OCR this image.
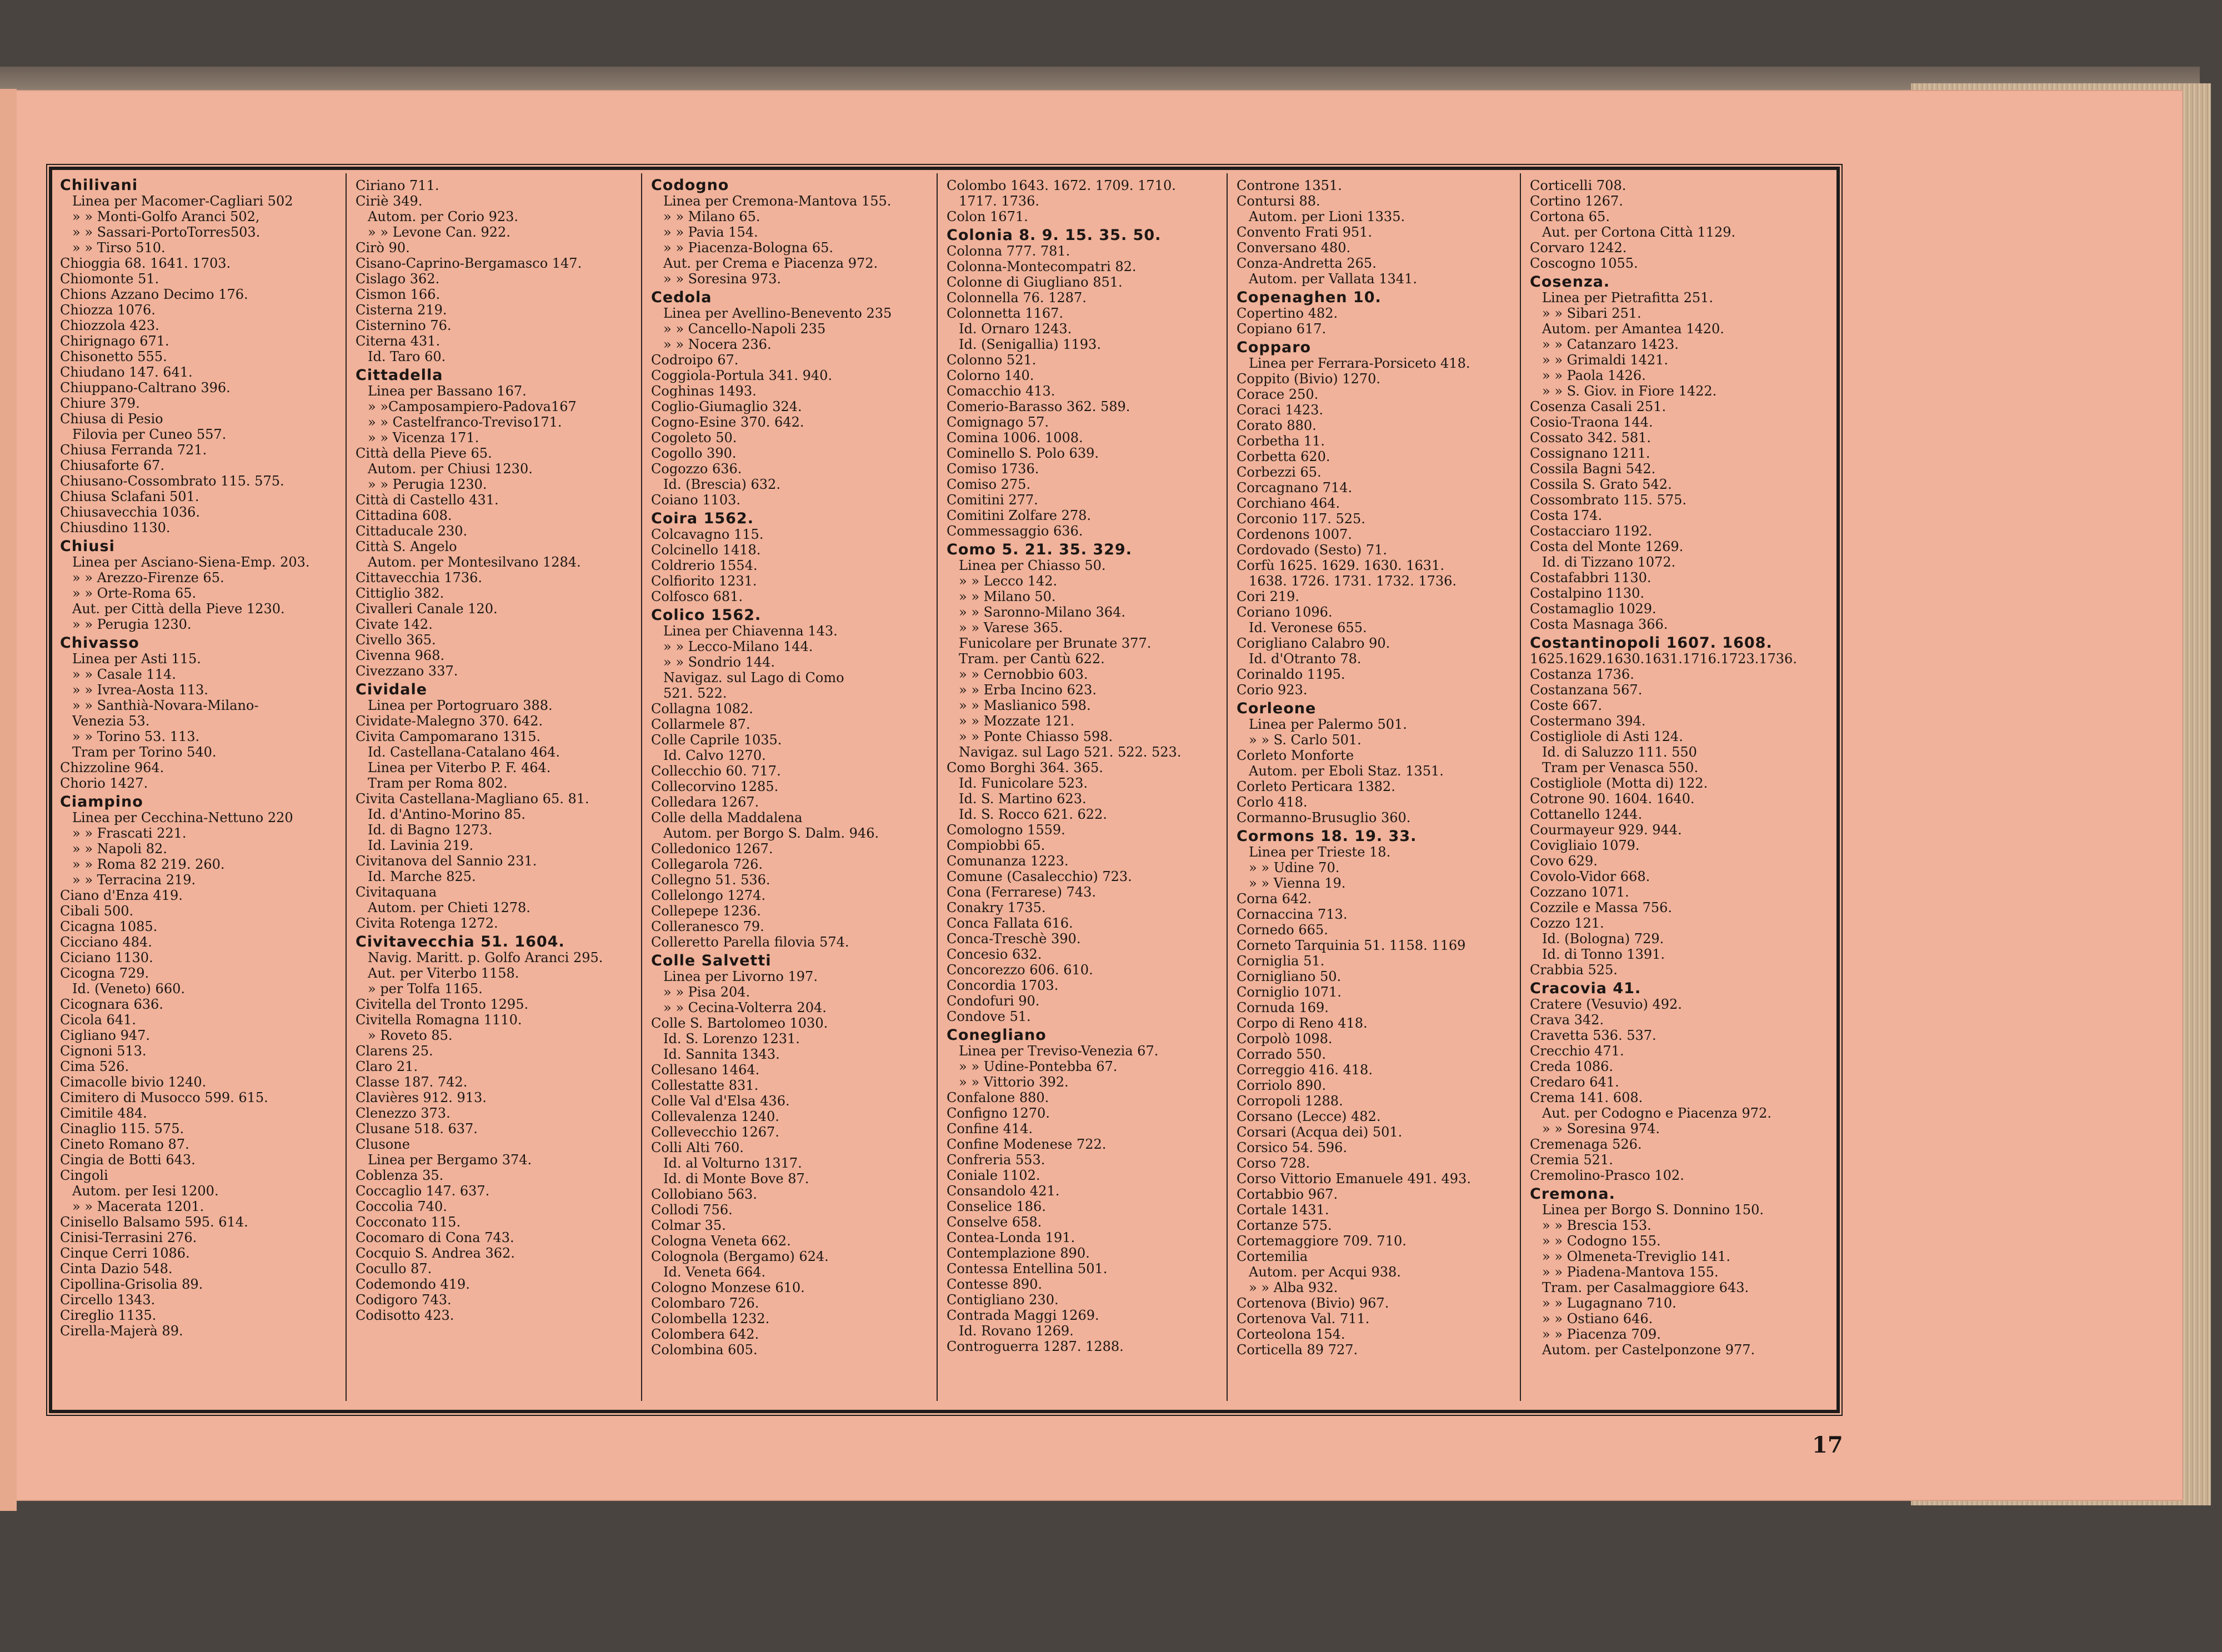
Chilivani
Linea per Macomer-Cagliari 502
» » Monti-Golfo Aranci 502,
» » Sassari-PortoTorres503.
» » Tirso 510.
Chioggia 68. 1641. 1703.
Chiomonte 51.
Chions Azzano Decimo 176.
Chiozza 1076.
Chiozzola 423.
Chirignago 671.
Chisonetto 555.
Chiudano 147. 641.
Chiuppano-Caltrano 396.
Chiure 379.
Chiusa di Pesio
Filovia per Cuneo 557.
Chiusa Ferranda 721.
Chiusaforte 67.
Chiusano-Cossombrato 115. 575.
Chiusa Sclafani 501.
Chiusavecchia 1036.
Chiusdino 1130.
Chiusi
Linea per Asciano-Siena-Emp. 203.
» » Arezzo-Firenze 65.
» » Orte-Roma 65.
Aut. per Città della Pieve 1230.
» » Perugia 1230.
Chivasso
Linea per Asti 115.
» » Casale 114.
» » Ivrea-Aosta 113.
» » Santhià-Novara-Milano-
Venezia 53.
» » Torino 53. 113.
Tram per Torino 540.
Chizzoline 964.
Chorio 1427.
Ciampino
Linea per Cecchina-Nettuno 220
» » Frascati 221.
» » Napoli 82.
» » Roma 82 219. 260.
» » Terracina 219.
Ciano d'Enza 419.
Cibali 500.
Cicagna 1085.
Cicciano 484.
Ciciano 1130.
Cicogna 729.
Id. (Veneto) 660.
Cicognara 636.
Cicola 641.
Cigliano 947.
Cignoni 513.
Cima 526.
Cimacolle bivio 1240.
Cimitero di Musocco 599. 615.
Cimitile 484.
Cinaglio 115. 575.
Cineto Romano 87.
Cingia de Botti 643.
Cingoli
Autom. per Iesi 1200.
» » Macerata 1201.
Cinisello Balsamo 595. 614.
Cinisi-Terrasini 276.
Cinque Cerri 1086.
Cinta Dazio 548.
Cipollina-Grisolia 89.
Circello 1343.
Cireglio 1135.
Cirella-Majerà 89.
Ciriano 711.
Ciriè 349.
Autom. per Corio 923.
» » Levone Can. 922.
Cirò 90.
Cisano-Caprino-Bergamasco 147.
Cislago 362.
Cismon 166.
Cisterna 219.
Cisternino 76.
Citerna 431.
Id. Taro 60.
Cittadella
Linea per Bassano 167.
» »Camposampiero-Padova167
» » Castelfranco-Treviso171.
» » Vicenza 171.
Città della Pieve 65.
Autom. per Chiusi 1230.
» » Perugia 1230.
Città di Castello 431.
Cittadina 608.
Cittaducale 230.
Città S. Angelo
Autom. per Montesilvano 1284.
Cittavecchia 1736.
Cittiglio 382.
Civalleri Canale 120.
Civate 142.
Civello 365.
Civenna 968.
Civezzano 337.
Cividale
Linea per Portogruaro 388.
Cividate-Malegno 370. 642.
Civita Campomarano 1315.
Id. Castellana-Catalano 464.
Linea per Viterbo P. F. 464.
Tram per Roma 802.
Civita Castellana-Magliano 65. 81.
Id. d'Antino-Morino 85.
Id. di Bagno 1273.
Id. Lavinia 219.
Civitanova del Sannio 231.
Id. Marche 825.
Civitaquana
Autom. per Chieti 1278.
Civita Rotenga 1272.
Civitavecchia 51. 1604.
Navig. Maritt. p. Golfo Aranci 295.
Aut. per Viterbo 1158.
» per Tolfa 1165.
Civitella del Tronto 1295.
Civitella Romagna 1110.
» Roveto 85.
Clarens 25.
Claro 21.
Classe 187. 742.
Clavières 912. 913.
Clenezzo 373.
Clusane 518. 637.
Clusone
Linea per Bergamo 374.
Coblenza 35.
Coccaglio 147. 637.
Coccolia 740.
Cocconato 115.
Cocomaro di Cona 743.
Cocquio S. Andrea 362.
Cocullo 87.
Codemondo 419.
Codigoro 743.
Codisotto 423.
Codogno
Linea per Cremona-Mantova 155.
» » Milano 65.
» » Pavia 154.
» » Piacenza-Bologna 65.
Aut. per Crema e Piacenza 972.
» » Soresina 973.
Cedola
Linea per Avellino-Benevento 235
» » Cancello-Napoli 235
» » Nocera 236.
Codroipo 67.
Coggiola-Portula 341. 940.
Coghinas 1493.
Coglio-Giumaglio 324.
Cogno-Esine 370. 642.
Cogoleto 50.
Cogollo 390.
Cogozzo 636.
Id. (Brescia) 632.
Coiano 1103.
Coira 1562.
Colcavagno 115.
Colcinello 1418.
Coldrerio 1554.
Colfiorito 1231.
Colfosco 681.
Colico 1562.
Linea per Chiavenna 143.
» » Lecco-Milano 144.
» » Sondrio 144.
Navigaz. sul Lago di Como
521. 522.
Collagna 1082.
Collarmele 87.
Colle Caprile 1035.
Id. Calvo 1270.
Collecchio 60. 717.
Collecorvino 1285.
Colledara 1267.
Colle della Maddalena
Autom. per Borgo S. Dalm. 946.
Colledonico 1267.
Collegarola 726.
Collegno 51. 536.
Collelongo 1274.
Collepepe 1236.
Colleranesco 79.
Colleretto Parella filovia 574.
Colle Salvetti
Linea per Livorno 197.
» » Pisa 204.
» » Cecina-Volterra 204.
Colle S. Bartolomeo 1030.
Id. S. Lorenzo 1231.
Id. Sannita 1343.
Collesano 1464.
Collestatte 831.
Colle Val d'Elsa 436.
Collevalenza 1240.
Collevecchio 1267.
Colli Alti 760.
Id. al Volturno 1317.
Id. di Monte Bove 87.
Collobiano 563.
Collodi 756.
Colmar 35.
Cologna Veneta 662.
Colognola (Bergamo) 624.
Id. Veneta 664.
Cologno Monzese 610.
Colombaro 726.
Colombella 1232.
Colombera 642.
Colombina 605.
Colombo 1643. 1672. 1709. 1710.
1717. 1736.
Colon 1671.
Colonia 8. 9. 15. 35. 50.
Colonna 777. 781.
Colonna-Montecompatri 82.
Colonne di Giugliano 851.
Colonnella 76. 1287.
Colonnetta 1167.
Id. Ornaro 1243.
Id. (Senigallia) 1193.
Colonno 521.
Colorno 140.
Comacchio 413.
Comerio-Barasso 362. 589.
Comignago 57.
Comina 1006. 1008.
Cominello S. Polo 639.
Comiso 1736.
Comiso 275.
Comitini 277.
Comitini Zolfare 278.
Commessaggio 636.
Como 5. 21. 35. 329.
Linea per Chiasso 50.
» » Lecco 142.
» » Milano 50.
» » Saronno-Milano 364.
» » Varese 365.
Funicolare per Brunate 377.
Tram. per Cantù 622.
» » Cernobbio 603.
» » Erba Incino 623.
» » Maslianico 598.
» » Mozzate 121.
» » Ponte Chiasso 598.
Navigaz. sul Lago 521. 522. 523.
Como Borghi 364. 365.
Id. Funicolare 523.
Id. S. Martino 623.
Id. S. Rocco 621. 622.
Comologno 1559.
Compiobbi 65.
Comunanza 1223.
Comune (Casalecchio) 723.
Cona (Ferrarese) 743.
Conakry 1735.
Conca Fallata 616.
Conca-Treschè 390.
Concesio 632.
Concorezzo 606. 610.
Concordia 1703.
Condofuri 90.
Condove 51.
Conegliano
Linea per Treviso-Venezia 67.
» » Udine-Pontebba 67.
» » Vittorio 392.
Confalone 880.
Configno 1270.
Confine 414.
Confine Modenese 722.
Confreria 553.
Coniale 1102.
Consandolo 421.
Conselice 186.
Conselve 658.
Contea-Londa 191.
Contemplazione 890.
Contessa Entellina 501.
Contesse 890.
Contigliano 230.
Contrada Maggi 1269.
Id. Rovano 1269.
Controguerra 1287. 1288.
Controne 1351.
Contursi 88.
Autom. per Lioni 1335.
Convento Frati 951.
Conversano 480.
Conza-Andretta 265.
Autom. per Vallata 1341.
Copenaghen 10.
Copertino 482.
Copiano 617.
Copparo
Linea per Ferrara-Porsiceto 418.
Coppito (Bivio) 1270.
Corace 250.
Coraci 1423.
Corato 880.
Corbetha 11.
Corbetta 620.
Corbezzi 65.
Corcagnano 714.
Corchiano 464.
Corconio 117. 525.
Cordenons 1007.
Cordovado (Sesto) 71.
Corfù 1625. 1629. 1630. 1631.
1638. 1726. 1731. 1732. 1736.
Cori 219.
Coriano 1096.
Id. Veronese 655.
Corigliano Calabro 90.
Id. d'Otranto 78.
Corinaldo 1195.
Corio 923.
Corleone
Linea per Palermo 501.
» » S. Carlo 501.
Corleto Monforte
Autom. per Eboli Staz. 1351.
Corleto Perticara 1382.
Corlo 418.
Cormanno-Brusuglio 360.
Cormons 18. 19. 33.
Linea per Trieste 18.
» » Udine 70.
» » Vienna 19.
Corna 642.
Cornaccina 713.
Cornedo 665.
Corneto Tarquinia 51. 1158. 1169
Corniglia 51.
Corniglianо 50.
Corniglio 1071.
Cornuda 169.
Corpo di Reno 418.
Corpolò 1098.
Corrado 550.
Correggio 416. 418.
Corriolo 890.
Corropoli 1288.
Corsano (Lecce) 482.
Corsari (Acqua dei) 501.
Corsico 54. 596.
Corso 728.
Corso Vittorio Emanuele 491. 493.
Cortabbio 967.
Cortale 1431.
Cortanze 575.
Cortemaggiore 709. 710.
Cortemilia
Autom. per Acqui 938.
» » Alba 932.
Cortenova (Bivio) 967.
Cortenova Val. 711.
Corteolona 154.
Corticella 89 727.
Corticelli 708.
Cortino 1267.
Cortona 65.
Aut. per Cortona Città 1129.
Corvaro 1242.
Coscogno 1055.
Cosenza.
Linea per Pietrafitta 251.
» » Sibari 251.
Autom. per Amantea 1420.
» » Catanzaro 1423.
» » Grimaldi 1421.
» » Paola 1426.
» » S. Giov. in Fiore 1422.
Cosenza Casali 251.
Cosio-Traona 144.
Cossato 342. 581.
Cossignano 1211.
Cossila Bagni 542.
Cossila S. Grato 542.
Cossombrato 115. 575.
Costa 174.
Costacciaro 1192.
Costa del Monte 1269.
Id. di Tizzano 1072.
Costafabbri 1130.
Costalpino 1130.
Costamaglio 1029.
Costa Masnaga 366.
Costantinopoli 1607. 1608.
1625.1629.1630.1631.1716.1723.1736.
Costanza 1736.
Costanzana 567.
Coste 667.
Costermano 394.
Costigliole di Asti 124.
Id. di Saluzzo 111. 550
Tram per Venasca 550.
Costigliole (Motta di) 122.
Cotrone 90. 1604. 1640.
Cottanello 1244.
Courmayeur 929. 944.
Covigliaio 1079.
Covo 629.
Covolo-Vidor 668.
Cozzano 1071.
Cozzile e Massa 756.
Cozzo 121.
Id. (Bologna) 729.
Id. di Tonno 1391.
Crabbia 525.
Cracovia 41.
Cratere (Vesuvio) 492.
Crava 342.
Cravetta 536. 537.
Crecchio 471.
Creda 1086.
Credaro 641.
Crema 141. 608.
Aut. per Codogno e Piacenza 972.
» » Soresina 974.
Cremenaga 526.
Cremia 521.
Cremolino-Prasco 102.
Cremona.
Linea per Borgo S. Donnino 150.
» » Brescia 153.
» » Codogno 155.
» » Olmeneta-Treviglio 141.
» » Piadena-Mantova 155.
Tram. per Casalmaggiore 643.
» » Lugagnano 710.
» » Ostiano 646.
» » Piacenza 709.
Autom. per Castelponzone 977.
17
